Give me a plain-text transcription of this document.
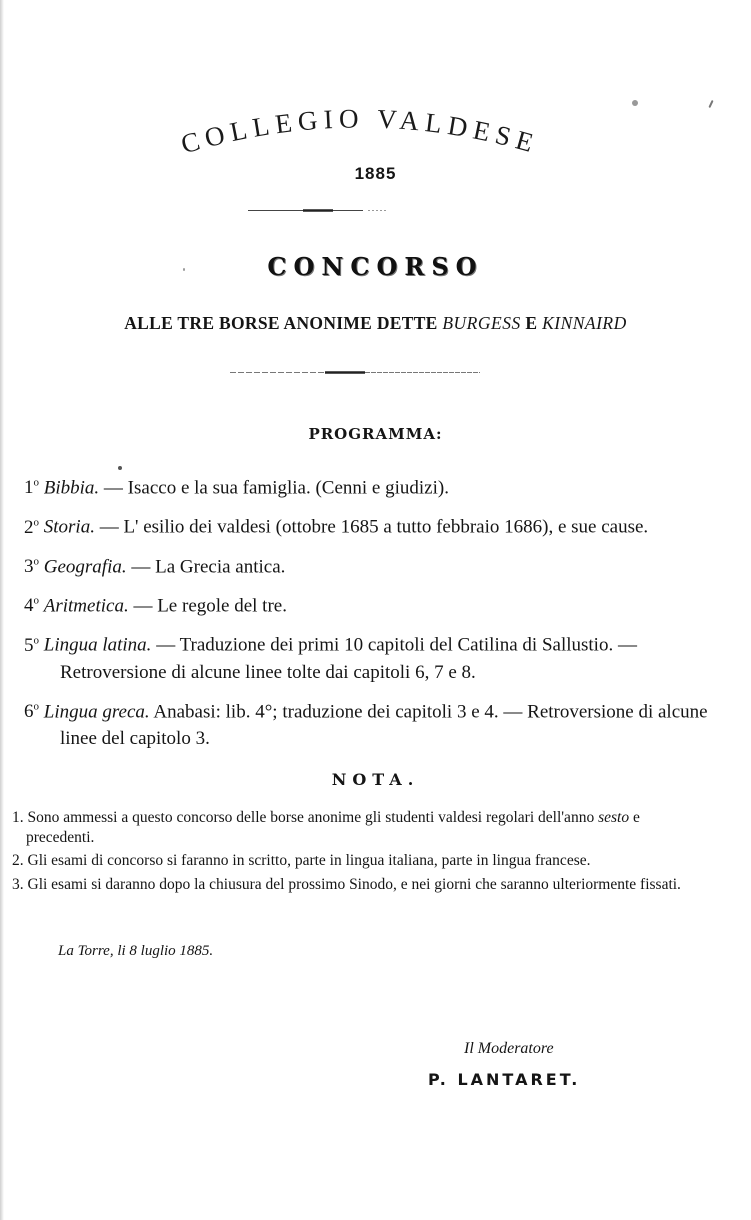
COLLEGIO VALDESE
1885
CONCORSO
ALLE TRE BORSE ANONIME DETTE BURGESS E KINNAIRD
PROGRAMMA:
1$^o$ Bibbia. — Isacco e la sua famiglia. (Cenni e giudizi).
2$^o$ Storia. — L' esilio dei valdesi (ottobre 1685 a tutto febbraio 1686), e sue cause.
3$^o$ Geografia. — La Grecia antica.
4$^o$ Aritmetica. — Le regole del tre.
5$^o$ Lingua latina. — Traduzione dei primi 10 capitoli del Catilina di Sallustio. — Retroversione di alcune linee tolte dai capitoli 6, 7 e 8.
6$^o$ Lingua greca. Anabasi: lib. 4°; traduzione dei capitoli 3 e 4. — Retroversione di alcune linee del capitolo 3.
NOTA.
1. Sono ammessi a questo concorso delle borse anonime gli studenti valdesi regolari dell'anno sesto e precedenti.
2. Gli esami di concorso si faranno in scritto, parte in lingua italiana, parte in lingua francese.
3. Gli esami si daranno dopo la chiusura del prossimo Sinodo, e nei giorni che saranno ulteriormente fissati.
La Torre, li 8 luglio 1885.
Il Moderatore
P. LANTARET.
